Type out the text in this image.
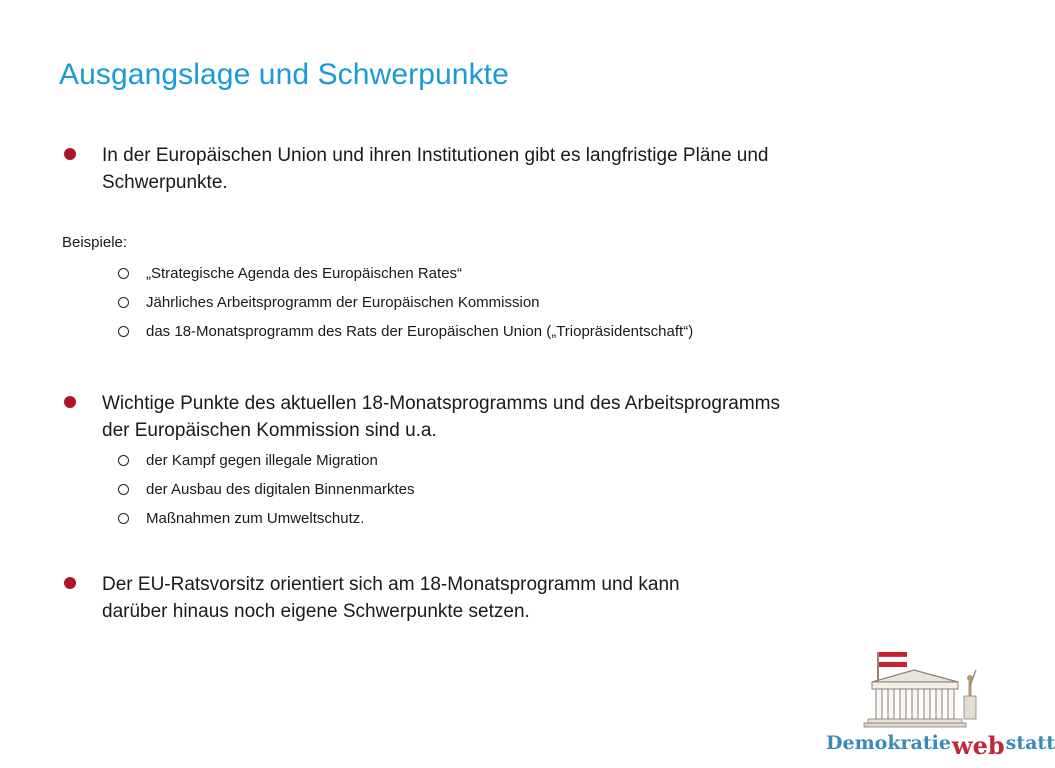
Ausgangslage und Schwerpunkte
In der Europäischen Union und ihren Institutionen gibt es langfristige Pläne und
Schwerpunkte.
Beispiele:
„Strategische Agenda des Europäischen Rates“
Jährliches Arbeitsprogramm der Europäischen Kommission
das 18-Monatsprogramm des Rats der Europäischen Union („Triopräsidentschaft“)
Wichtige Punkte des aktuellen 18-Monatsprogramms und des Arbeitsprogramms
der Europäischen Kommission sind u.a.
der Kampf gegen illegale Migration
der Ausbau des digitalen Binnenmarktes
Maßnahmen zum Umweltschutz.
Der EU-Ratsvorsitz orientiert sich am 18-Monatsprogramm und kann
darüber hinaus noch eigene Schwerpunkte setzen.
Demokratiewebstatt
